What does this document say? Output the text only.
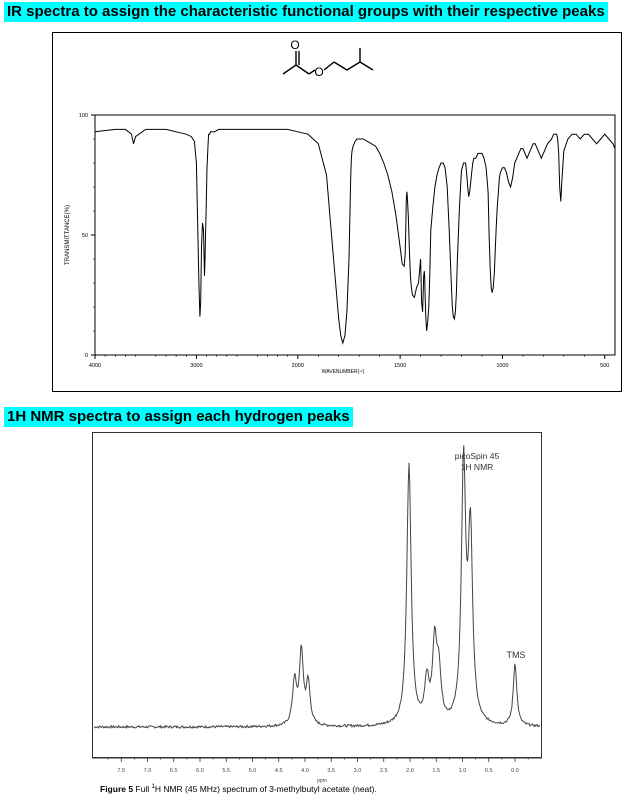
IR spectra to assign the characteristic functional groups with their respective peaks
O
O
4000	3000	2000	1500	1000	500
100
50
0
TRANSMITTANCE(%)
WAVENUMBER(-¹)
1H NMR spectra to assign each hydrogen peaks
7.5	7.0	6.5	6.0	5.5	5.0	4.5	4.0	3.5	3.0	2.5	2.0	1.5	1.0	0.5	0.0
picoSpin 45
1H NMR
TMS
ppm
Figure 5 Full $^1$H NMR (45 MHz) spectrum of 3-methylbutyl acetate (neat).
